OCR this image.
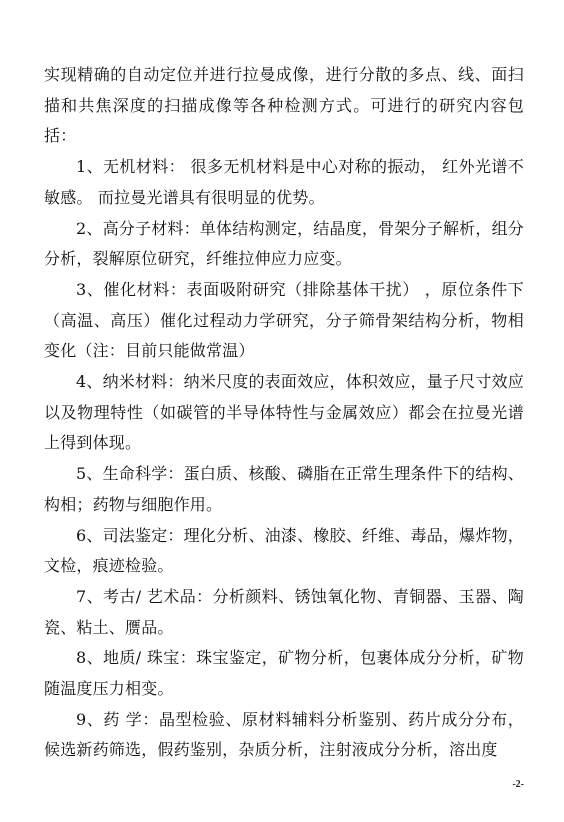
实现精确的自动定位并进行拉曼成像，进行分散的多点、线、面扫描和共焦深度的扫描成像等各种检测方式。可进行的研究内容包括：

1、无机材料： 很多无机材料是中心对称的振动， 红外光谱不敏感。 而拉曼光谱具有很明显的优势。

2、高分子材料：单体结构测定，结晶度，骨架分子解析，组分分析，裂解原位研究，纤维拉伸应力应变。

3、催化材料：表面吸附研究（排除基体干扰） ，原位条件下（高温、高压）催化过程动力学研究，分子筛骨架结构分析，物相变化（注：目前只能做常温）

4、纳米材料：纳米尺度的表面效应，体积效应，量子尺寸效应以及物理特性（如碳管的半导体特性与金属效应）都会在拉曼光谱上得到体现。

5、生命科学：蛋白质、核酸、磷脂在正常生理条件下的结构、构相；药物与细胞作用。

6、司法鉴定：理化分析、油漆、橡胶、纤维、毒品，爆炸物，文检，痕迹检验。

7、考古/ 艺术品：分析颜料、锈蚀氧化物、青铜器、玉器、陶瓷、粘土、赝品。

8、地质/ 珠宝：珠宝鉴定，矿物分析，包裹体成分分析，矿物随温度压力相变。

9、药 学：晶型检验、原材料辅料分析鉴别、药片成分分布，候选新药筛选，假药鉴别，杂质分析，注射液成分分析，溶出度

-2-
